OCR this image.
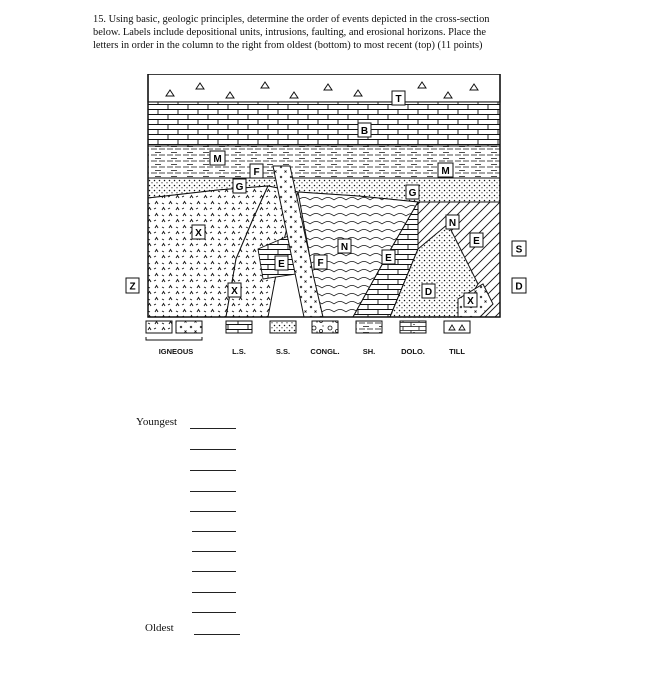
15. Using basic, geologic principles, determine the order of events depicted in the cross-section
below. Labels include depositional units, intrusions, faulting, and erosional horizons. Place the
letters in order in the column to the right from oldest (bottom) to most recent (top) (11 points)
T
B
M
M
F
G
G
N
N
X
E
E
E	F
X	D
X
Z
S
D
IGNEOUS	L.S.	S.S.	CONGL.	SH.	DOLO.	TILL
Youngest
Oldest
